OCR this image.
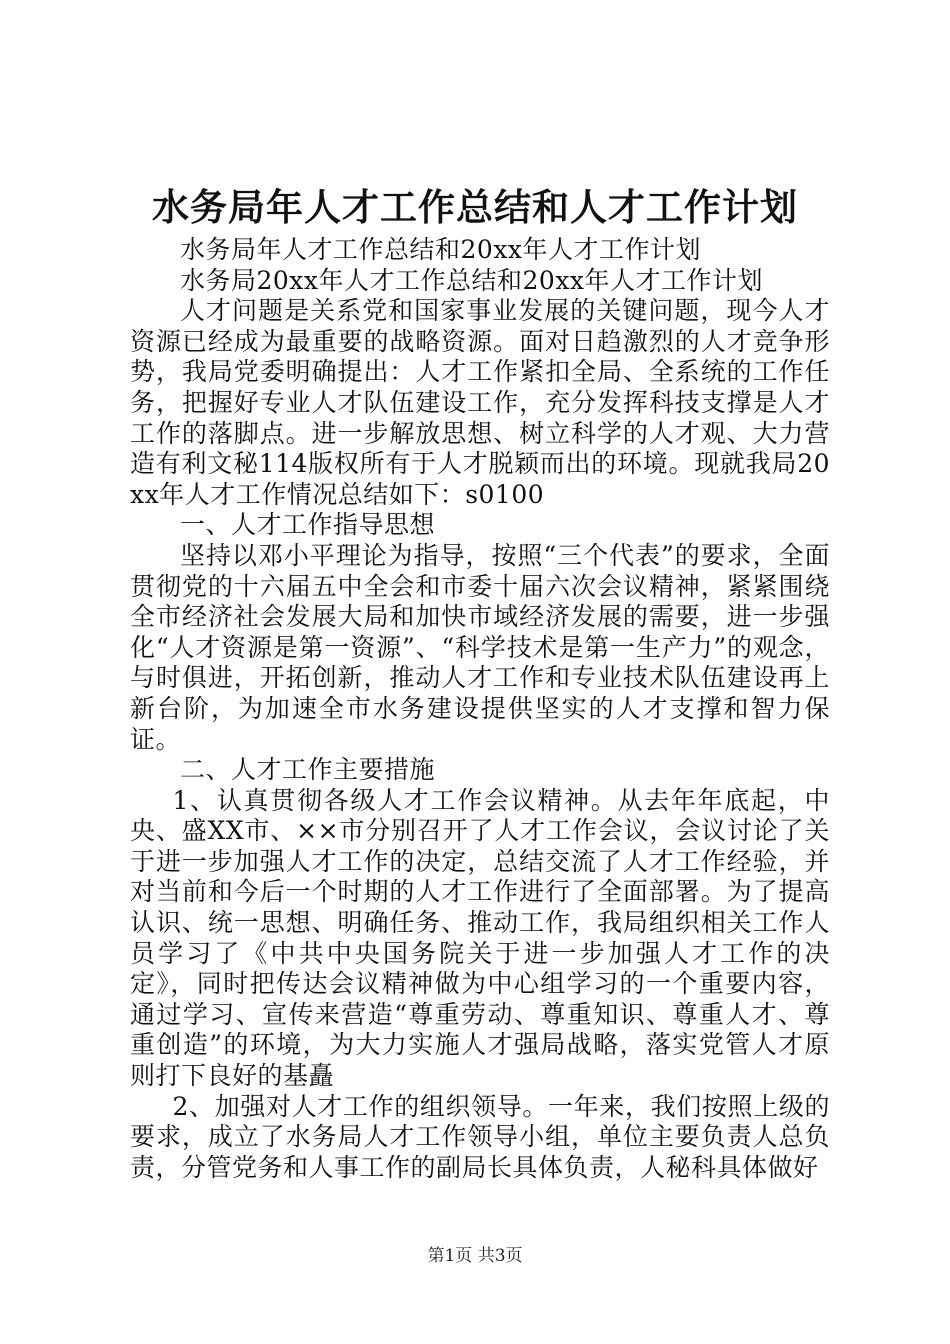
水务局年人才工作总结和人才工作计划

水务局年人才工作总结和20xx年人才工作计划

水务局20xx年人才工作总结和20xx年人才工作计划

人才问题是关系党和国家事业发展的关键问题，现今人才资源已经成为最重要的战略资源。面对日趋激烈的人才竞争形势，我局党委明确提出：人才工作紧扣全局、全系统的工作任务，把握好专业人才队伍建设工作，充分发挥科技支撑是人才工作的落脚点。进一步解放思想、树立科学的人才观、大力营造有利文秘114版权所有于人才脱颖而出的环境。现就我局20xx年人才工作情况总结如下：s0100

一、人才工作指导思想

坚持以邓小平理论为指导，按照“三个代表”的要求，全面贯彻党的十六届五中全会和市委十届六次会议精神，紧紧围绕全市经济社会发展大局和加快市域经济发展的需要，进一步强化“人才资源是第一资源”、“科学技术是第一生产力”的观念，与时俱进，开拓创新，推动人才工作和专业技术队伍建设再上新台阶，为加速全市水务建设提供坚实的人才支撑和智力保证。

二、人才工作主要措施

1、认真贯彻各级人才工作会议精神。从去年年底起，中央、盛XX市、××市分别召开了人才工作会议，会议讨论了关于进一步加强人才工作的决定，总结交流了人才工作经验，并对当前和今后一个时期的人才工作进行了全面部署。为了提高认识、统一思想、明确任务、推动工作，我局组织相关工作人员学习了《中共中央国务院关于进一步加强人才工作的决定》，同时把传达会议精神做为中心组学习的一个重要内容，通过学习、宣传来营造“尊重劳动、尊重知识、尊重人才、尊重创造”的环境，为大力实施人才强局战略，落实党管人才原则打下良好的基矗

2、加强对人才工作的组织领导。一年来，我们按照上级的要求，成立了水务局人才工作领导小组，单位主要负责人总负责，分管党务和人事工作的副局长具体负责，人秘科具体做好

第1页 共3页
